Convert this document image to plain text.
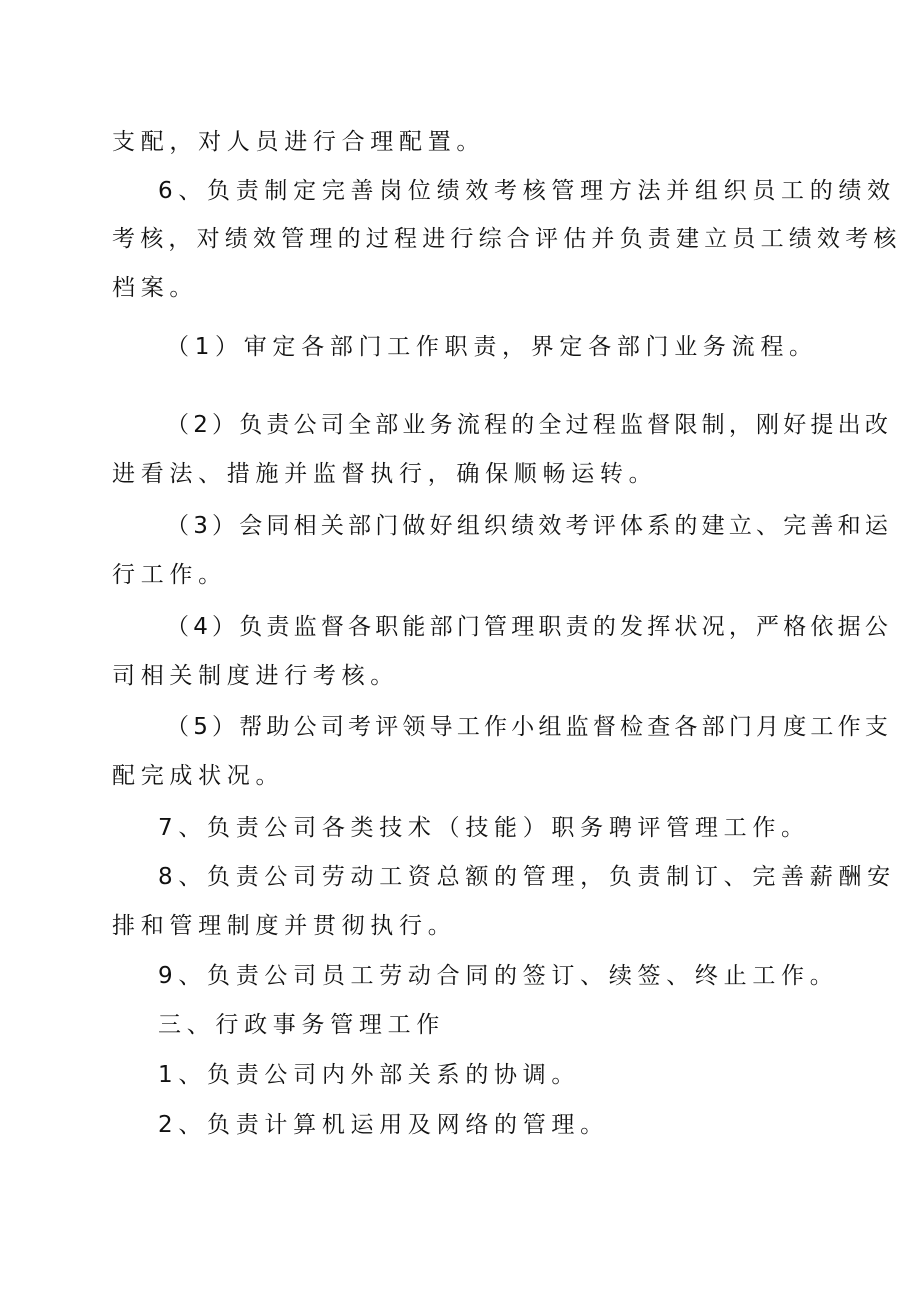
支配，对人员进行合理配置。

6、负责制定完善岗位绩效考核管理方法并组织员工的绩效

考核，对绩效管理的过程进行综合评估并负责建立员工绩效考核

档案。

（1）审定各部门工作职责，界定各部门业务流程。

（2）负责公司全部业务流程的全过程监督限制，刚好提出改

进看法、措施并监督执行，确保顺畅运转。

（3）会同相关部门做好组织绩效考评体系的建立、完善和运

行工作。

（4）负责监督各职能部门管理职责的发挥状况，严格依据公

司相关制度进行考核。

（5）帮助公司考评领导工作小组监督检查各部门月度工作支

配完成状况。

7、负责公司各类技术（技能）职务聘评管理工作。

8、负责公司劳动工资总额的管理，负责制订、完善薪酬安

排和管理制度并贯彻执行。

9、负责公司员工劳动合同的签订、续签、终止工作。

三、行政事务管理工作

1、负责公司内外部关系的协调。

2、负责计算机运用及网络的管理。
